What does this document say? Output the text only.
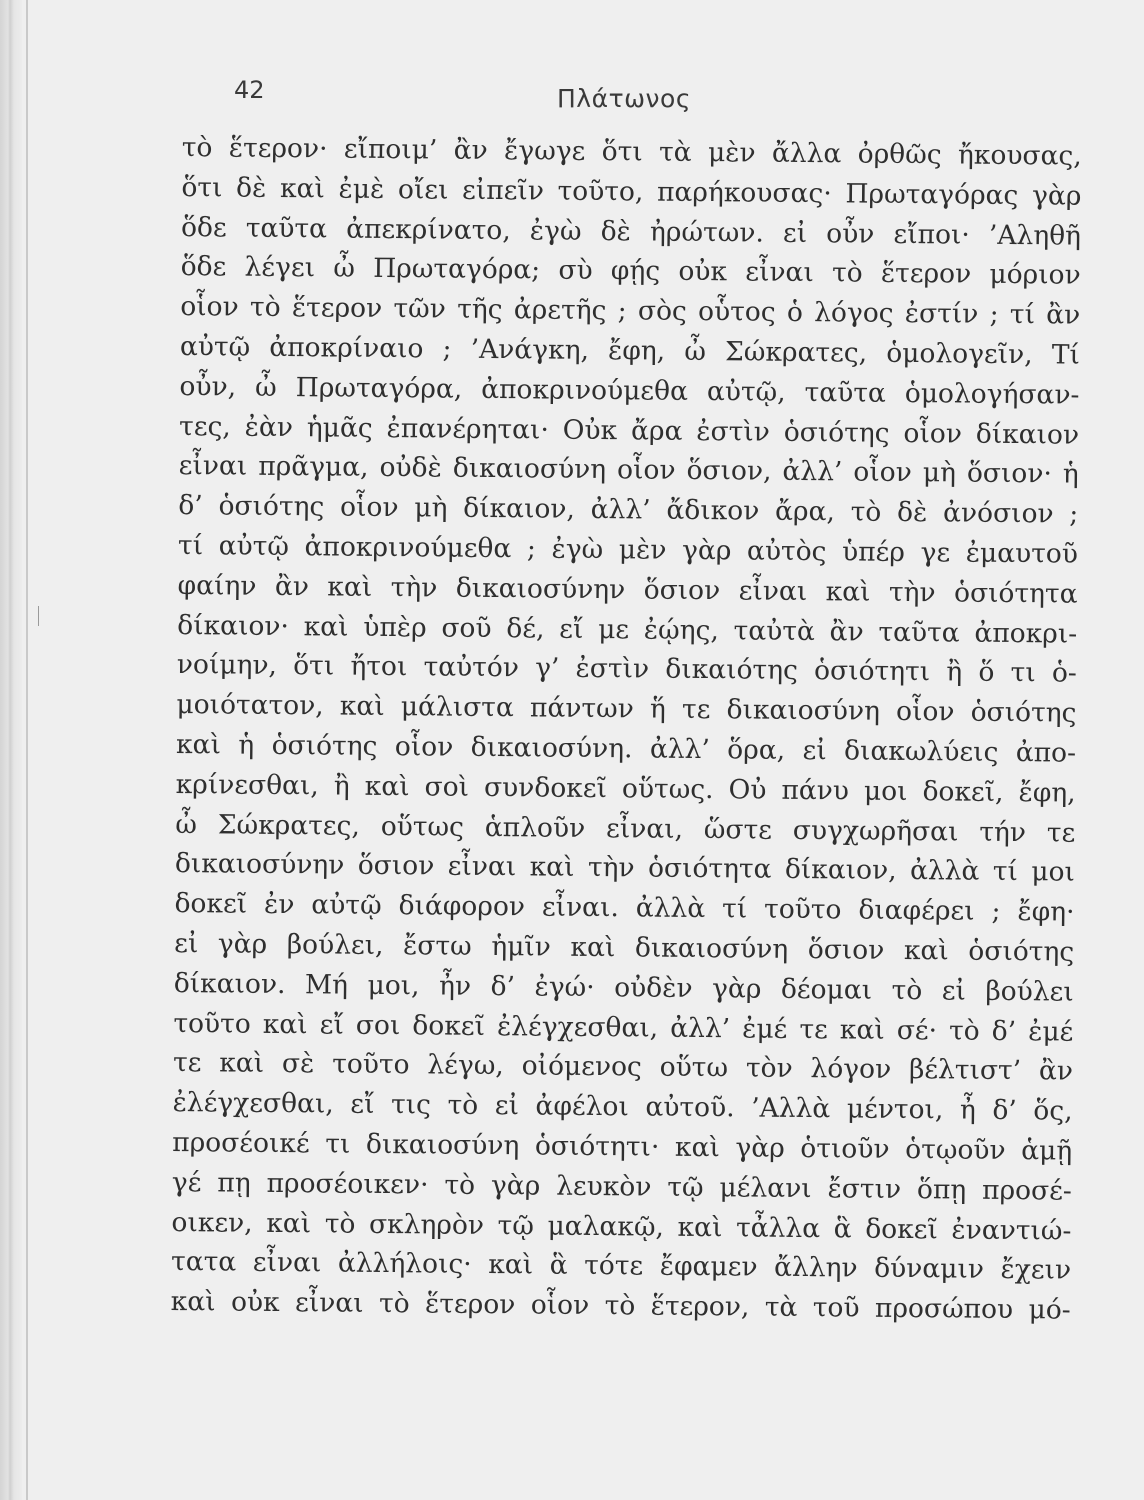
42	Πλάτωνος
τὸ ἕτερον· εἴποιμ’ ἂν ἔγωγε ὅτι τὰ μὲν ἄλλα ὀρθῶς ἤκουσας,
ὅτι δὲ καὶ ἐμὲ οἴει εἰπεῖν τοῦτο, παρήκουσας· Πρωταγόρας γὰρ
ὅδε ταῦτα ἀπεκρίνατο, ἐγὼ δὲ ἠρώτων. εἰ οὖν εἴποι· ’Αληθῆ
ὅδε λέγει ὦ Πρωταγόρα; σὺ φῄς οὐκ εἶναι τὸ ἕτερον μόριον
οἷον τὸ ἕτερον τῶν τῆς ἀρετῆς ; σὸς οὗτος ὁ λόγος ἐστίν ; τί ἂν
αὐτῷ ἀποκρίναιο ; ’Ανάγκη, ἔφη, ὦ Σώκρατες, ὁμολογεῖν, Τί
οὖν, ὦ Πρωταγόρα, ἀποκρινούμεθα αὐτῷ, ταῦτα ὁμολογήσαν-
τες, ἐὰν ἡμᾶς ἐπανέρηται· Οὐκ ἄρα ἐστὶν ὁσιότης οἷον δίκαιον
εἶναι πρᾶγμα, οὐδὲ δικαιοσύνη οἷον ὅσιον, ἀλλ’ οἷον μὴ ὅσιον· ἡ
δ’ ὁσιότης οἷον μὴ δίκαιον, ἀλλ’ ἄδικον ἄρα, τὸ δὲ ἀνόσιον ;
τί αὐτῷ ἀποκρινούμεθα ; ἐγὼ μὲν γὰρ αὐτὸς ὑπέρ γε ἐμαυτοῦ
φαίην ἂν καὶ τὴν δικαιοσύνην ὅσιον εἶναι καὶ τὴν ὁσιότητα
δίκαιον· καὶ ὑπὲρ σοῦ δέ, εἴ με ἐῴης, ταὐτὰ ἂν ταῦτα ἀποκρι-
νοίμην, ὅτι ἤτοι ταὐτόν γ’ ἐστὶν δικαιότης ὁσιότητι ἢ ὅ τι ὁ-
μοιότατον, καὶ μάλιστα πάντων ἥ τε δικαιοσύνη οἷον ὁσιότης
καὶ ἡ ὁσιότης οἷον δικαιοσύνη. ἀλλ’ ὅρα, εἰ διακωλύεις ἀπο-
κρίνεσθαι, ἢ καὶ σοὶ συνδοκεῖ οὕτως. Οὐ πάνυ μοι δοκεῖ, ἔφη,
ὦ Σώκρατες, οὕτως ἁπλοῦν εἶναι, ὥστε συγχωρῆσαι τήν τε
δικαιοσύνην ὅσιον εἶναι καὶ τὴν ὁσιότητα δίκαιον, ἀλλὰ τί μοι
δοκεῖ ἐν αὐτῷ διάφορον εἶναι. ἀλλὰ τί τοῦτο διαφέρει ; ἔφη·
εἰ γὰρ βούλει, ἔστω ἡμῖν καὶ δικαιοσύνη ὅσιον καὶ ὁσιότης
δίκαιον. Μή μοι, ἦν δ’ ἐγώ· οὐδὲν γὰρ δέομαι τὸ εἰ βούλει
τοῦτο καὶ εἴ σοι δοκεῖ ἐλέγχεσθαι, ἀλλ’ ἐμέ τε καὶ σέ· τὸ δ’ ἐμέ
τε καὶ σὲ τοῦτο λέγω, οἰόμενος οὕτω τὸν λόγον βέλτιστ’ ἂν
ἐλέγχεσθαι, εἴ τις τὸ εἰ ἀφέλοι αὐτοῦ. ’Αλλὰ μέντοι, ἦ δ’ ὅς,
προσέοικέ τι δικαιοσύνη ὁσιότητι· καὶ γὰρ ὁτιοῦν ὁτῳοῦν ἁμῇ
γέ πῃ προσέοικεν· τὸ γὰρ λευκὸν τῷ μέλανι ἔστιν ὅπῃ προσέ-
οικεν, καὶ τὸ σκληρὸν τῷ μαλακῷ, καὶ τἆλλα ἃ δοκεῖ ἐναντιώ-
τατα εἶναι ἀλλήλοις· καὶ ἃ τότε ἔφαμεν ἄλλην δύναμιν ἔχειν
καὶ οὐκ εἶναι τὸ ἕτερον οἷον τὸ ἕτερον, τὰ τοῦ προσώπου μό-
